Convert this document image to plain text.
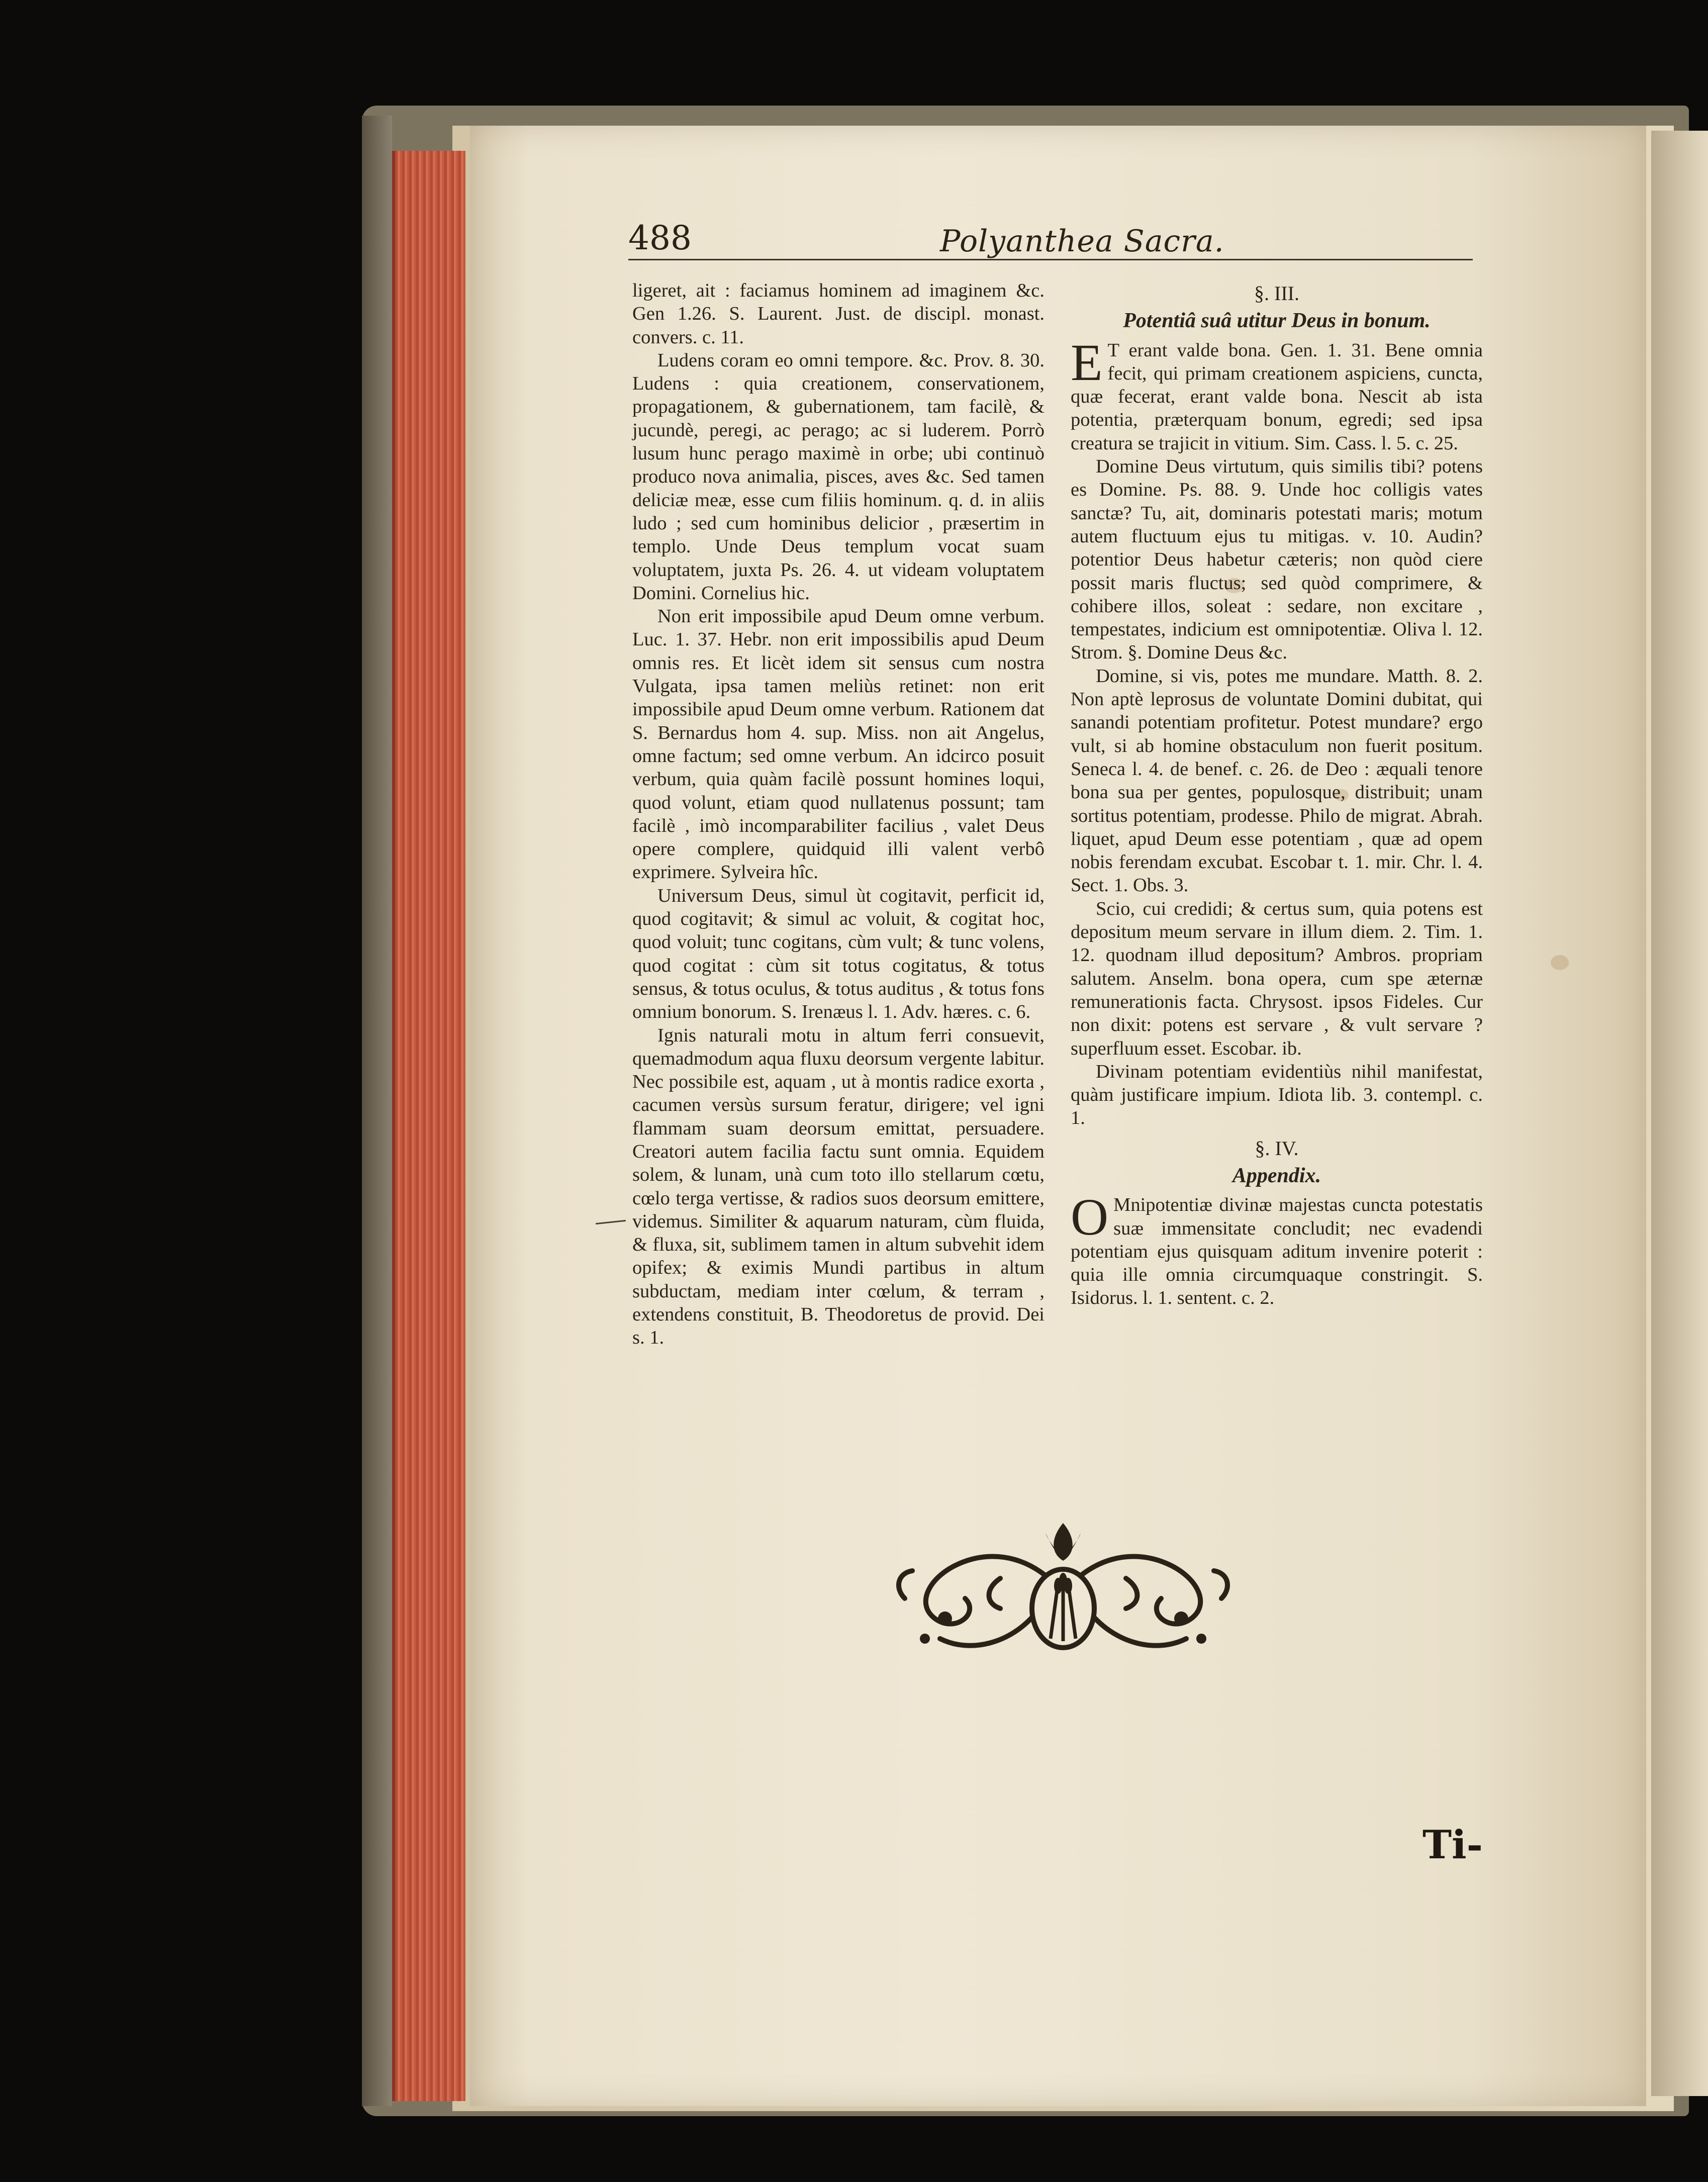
488	Polyanthea Sacra.

ligeret, ait : faciamus hominem ad imaginem &c. Gen 1.26. S. Laurent. Just. de discipl. monast. convers. c. 11.

Ludens coram eo omni tempore. &c. Prov. 8. 30. Ludens : quia creationem, conservationem, propagationem, & gubernationem, tam facilè, & jucundè, peregi, ac perago; ac si luderem. Porrò lusum hunc perago maximè in orbe; ubi continuò produco nova animalia, pisces, aves &c. Sed tamen deliciæ meæ, esse cum filiis hominum. q. d. in aliis ludo ; sed cum hominibus delicior , præsertim in templo. Unde Deus templum vocat suam voluptatem, juxta Ps. 26. 4. ut videam voluptatem Domini. Cornelius hic.

Non erit impossibile apud Deum omne verbum. Luc. 1. 37. Hebr. non erit impossibilis apud Deum omnis res. Et licèt idem sit sensus cum nostra Vulgata, ipsa tamen meliùs retinet: non erit impossibile apud Deum omne verbum. Rationem dat S. Bernardus hom 4. sup. Miss. non ait Angelus, omne factum; sed omne verbum. An idcirco posuit verbum, quia quàm facilè possunt homines loqui, quod volunt, etiam quod nullatenus possunt; tam facilè , imò incomparabiliter facilius , valet Deus opere complere, quidquid illi valent verbô exprimere. Sylveira hîc.

Universum Deus, simul ùt cogitavit, perficit id, quod cogitavit; & simul ac voluit, & cogitat hoc, quod voluit; tunc cogitans, cùm vult; & tunc volens, quod cogitat : cùm sit totus cogitatus, & totus sensus, & totus oculus, & totus auditus , & totus fons omnium bonorum. S. Irenæus l. 1. Adv. hæres. c. 6.

Ignis naturali motu in altum ferri consuevit, quemadmodum aqua fluxu deorsum vergente labitur. Nec possibile est, aquam , ut à montis radice exorta , cacumen versùs sursum feratur, dirigere; vel igni flammam suam deorsum emittat, persuadere. Creatori autem facilia factu sunt omnia. Equidem solem, & lunam, unà cum toto illo stellarum cœtu, cœlo terga vertisse, & radios suos deorsum emittere, videmus. Similiter & aquarum naturam, cùm fluida, & fluxa, sit, sublimem tamen in altum subvehit idem opifex; & eximis Mundi partibus in altum subductam, mediam inter cœlum, & terram , extendens constituit, B. Theodoretus de provid. Dei s. 1.

§. III.
Potentiâ suâ utitur Deus in bonum.

E T erant valde bona. Gen. 1. 31. Bene omnia fecit, qui primam creationem aspiciens, cuncta, quæ fecerat, erant valde bona. Nescit ab ista potentia, præterquam bonum, egredi; sed ipsa creatura se trajicit in vitium. Sim. Cass. l. 5. c. 25.

Domine Deus virtutum, quis similis tibi? potens es Domine. Ps. 88. 9. Unde hoc colligis vates sanctæ? Tu, ait, dominaris potestati maris; motum autem fluctuum ejus tu mitigas. v. 10. Audin? potentior Deus habetur cæteris; non quòd ciere possit maris fluctus; sed quòd comprimere, & cohibere illos, soleat : sedare, non excitare , tempestates, indicium est omnipotentiæ. Oliva l. 12. Strom. §. Domine Deus &c.

Domine, si vis, potes me mundare. Matth. 8. 2. Non aptè leprosus de voluntate Domini dubitat, qui sanandi potentiam profitetur. Potest mundare? ergo vult, si ab homine obstaculum non fuerit positum. Seneca l. 4. de benef. c. 26. de Deo : æquali tenore bona sua per gentes, populosque, distribuit; unam sortitus potentiam, prodesse. Philo de migrat. Abrah. liquet, apud Deum esse potentiam , quæ ad opem nobis ferendam excubat. Escobar t. 1. mir. Chr. l. 4. Sect. 1. Obs. 3.

Scio, cui credidi; & certus sum, quia potens est depositum meum servare in illum diem. 2. Tim. 1. 12. quodnam illud depositum? Ambros. propriam salutem. Anselm. bona opera, cum spe æternæ remunerationis facta. Chrysost. ipsos Fideles. Cur non dixit: potens est servare , & vult servare ? superfluum esset. Escobar. ib.

Divinam potentiam evidentiùs nihil manifestat, quàm justificare impium. Idiota lib. 3. contempl. c. 1.

§. IV.
Appendix.

O Mnipotentiæ divinæ majestas cuncta potestatis suæ immensitate concludit; nec evadendi potentiam ejus quisquam aditum invenire poterit : quia ille omnia circumquaque constringit. S. Isidorus. l. 1. sentent. c. 2.

Ti-
